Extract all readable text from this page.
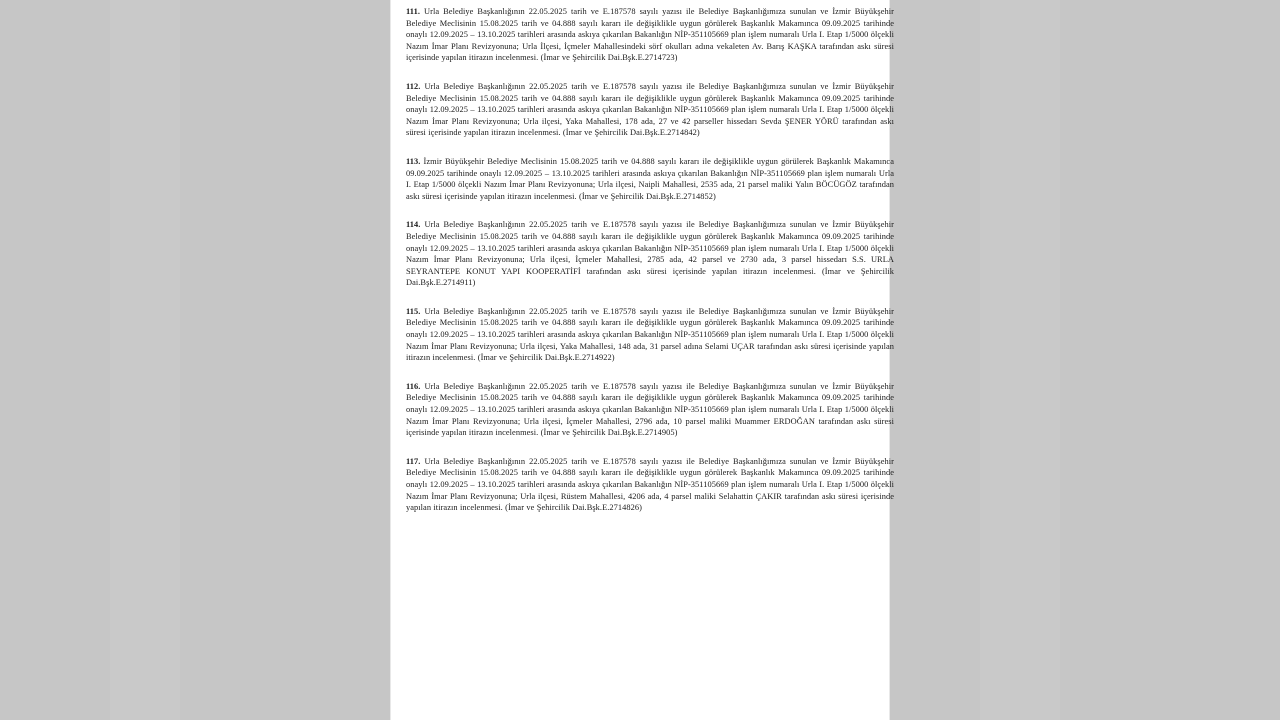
111. Urla Belediye Başkanlığının 22.05.2025 tarih ve E.187578 sayılı yazısı ile Belediye Başkanlığımıza sunulan ve İzmir Büyükşehir Belediye Meclisinin 15.08.2025 tarih ve 04.888 sayılı kararı ile değişiklikle uygun görülerek Başkanlık Makamınca 09.09.2025 tarihinde onaylı 12.09.2025 – 13.10.2025 tarihleri arasında askıya çıkarılan Bakanlığın NİP-351105669 plan işlem numaralı Urla I. Etap 1/5000 ölçekli Nazım İmar Planı Revizyonuna; Urla İlçesi, İçmeler Mahallesindeki sörf okulları adına vekaleten Av. Barış KAŞKA tarafından askı süresi içerisinde yapılan itirazın incelenmesi. (İmar ve Şehircilik Dai.Bşk.E.2714723)

112. Urla Belediye Başkanlığının 22.05.2025 tarih ve E.187578 sayılı yazısı ile Belediye Başkanlığımıza sunulan ve İzmir Büyükşehir Belediye Meclisinin 15.08.2025 tarih ve 04.888 sayılı kararı ile değişiklikle uygun görülerek Başkanlık Makamınca 09.09.2025 tarihinde onaylı 12.09.2025 – 13.10.2025 tarihleri arasında askıya çıkarılan Bakanlığın NİP-351105669 plan işlem numaralı Urla I. Etap 1/5000 ölçekli Nazım İmar Planı Revizyonuna; Urla ilçesi, Yaka Mahallesi, 178 ada, 27 ve 42 parseller hissedarı Sevda ŞENER YÖRÜ tarafından askı süresi içerisinde yapılan itirazın incelenmesi. (İmar ve Şehircilik Dai.Bşk.E.2714842)

113. İzmir Büyükşehir Belediye Meclisinin 15.08.2025 tarih ve 04.888 sayılı kararı ile değişiklikle uygun görülerek Başkanlık Makamınca 09.09.2025 tarihinde onaylı 12.09.2025 – 13.10.2025 tarihleri arasında askıya çıkarılan Bakanlığın NİP-351105669 plan işlem numaralı Urla I. Etap 1/5000 ölçekli Nazım İmar Planı Revizyonuna; Urla ilçesi, Naipli Mahallesi, 2535 ada, 21 parsel maliki Yalın BÖCÜGÖZ tarafından askı süresi içerisinde yapılan itirazın incelenmesi. (İmar ve Şehircilik Dai.Bşk.E.2714852)

114. Urla Belediye Başkanlığının 22.05.2025 tarih ve E.187578 sayılı yazısı ile Belediye Başkanlığımıza sunulan ve İzmir Büyükşehir Belediye Meclisinin 15.08.2025 tarih ve 04.888 sayılı kararı ile değişiklikle uygun görülerek Başkanlık Makamınca 09.09.2025 tarihinde onaylı 12.09.2025 – 13.10.2025 tarihleri arasında askıya çıkarılan Bakanlığın NİP-351105669 plan işlem numaralı Urla I. Etap 1/5000 ölçekli Nazım İmar Planı Revizyonuna; Urla ilçesi, İçmeler Mahallesi, 2785 ada, 42 parsel ve 2730 ada, 3 parsel hissedarı S.S. URLA SEYRANTEPE KONUT YAPI KOOPERATİFİ tarafından askı süresi içerisinde yapılan itirazın incelenmesi. (İmar ve Şehircilik Dai.Bşk.E.2714911)

115. Urla Belediye Başkanlığının 22.05.2025 tarih ve E.187578 sayılı yazısı ile Belediye Başkanlığımıza sunulan ve İzmir Büyükşehir Belediye Meclisinin 15.08.2025 tarih ve 04.888 sayılı kararı ile değişiklikle uygun görülerek Başkanlık Makamınca 09.09.2025 tarihinde onaylı 12.09.2025 – 13.10.2025 tarihleri arasında askıya çıkarılan Bakanlığın NİP-351105669 plan işlem numaralı Urla I. Etap 1/5000 ölçekli Nazım İmar Planı Revizyonuna; Urla ilçesi, Yaka Mahallesi, 148 ada, 31 parsel adına Selami UÇAR tarafından askı süresi içerisinde yapılan itirazın incelenmesi. (İmar ve Şehircilik Dai.Bşk.E.2714922)

116. Urla Belediye Başkanlığının 22.05.2025 tarih ve E.187578 sayılı yazısı ile Belediye Başkanlığımıza sunulan ve İzmir Büyükşehir Belediye Meclisinin 15.08.2025 tarih ve 04.888 sayılı kararı ile değişiklikle uygun görülerek Başkanlık Makamınca 09.09.2025 tarihinde onaylı 12.09.2025 – 13.10.2025 tarihleri arasında askıya çıkarılan Bakanlığın NİP-351105669 plan işlem numaralı Urla I. Etap 1/5000 ölçekli Nazım İmar Planı Revizyonuna; Urla ilçesi, İçmeler Mahallesi, 2796 ada, 10 parsel maliki Muammer ERDOĞAN tarafından askı süresi içerisinde yapılan itirazın incelenmesi. (İmar ve Şehircilik Dai.Bşk.E.2714905)

117. Urla Belediye Başkanlığının 22.05.2025 tarih ve E.187578 sayılı yazısı ile Belediye Başkanlığımıza sunulan ve İzmir Büyükşehir Belediye Meclisinin 15.08.2025 tarih ve 04.888 sayılı kararı ile değişiklikle uygun görülerek Başkanlık Makamınca 09.09.2025 tarihinde onaylı 12.09.2025 – 13.10.2025 tarihleri arasında askıya çıkarılan Bakanlığın NİP-351105669 plan işlem numaralı Urla I. Etap 1/5000 ölçekli Nazım İmar Planı Revizyonuna; Urla ilçesi, Rüstem Mahallesi, 4206 ada, 4 parsel maliki Selahattin ÇAKIR tarafından askı süresi içerisinde yapılan itirazın incelenmesi. (İmar ve Şehircilik Dai.Bşk.E.2714826)
